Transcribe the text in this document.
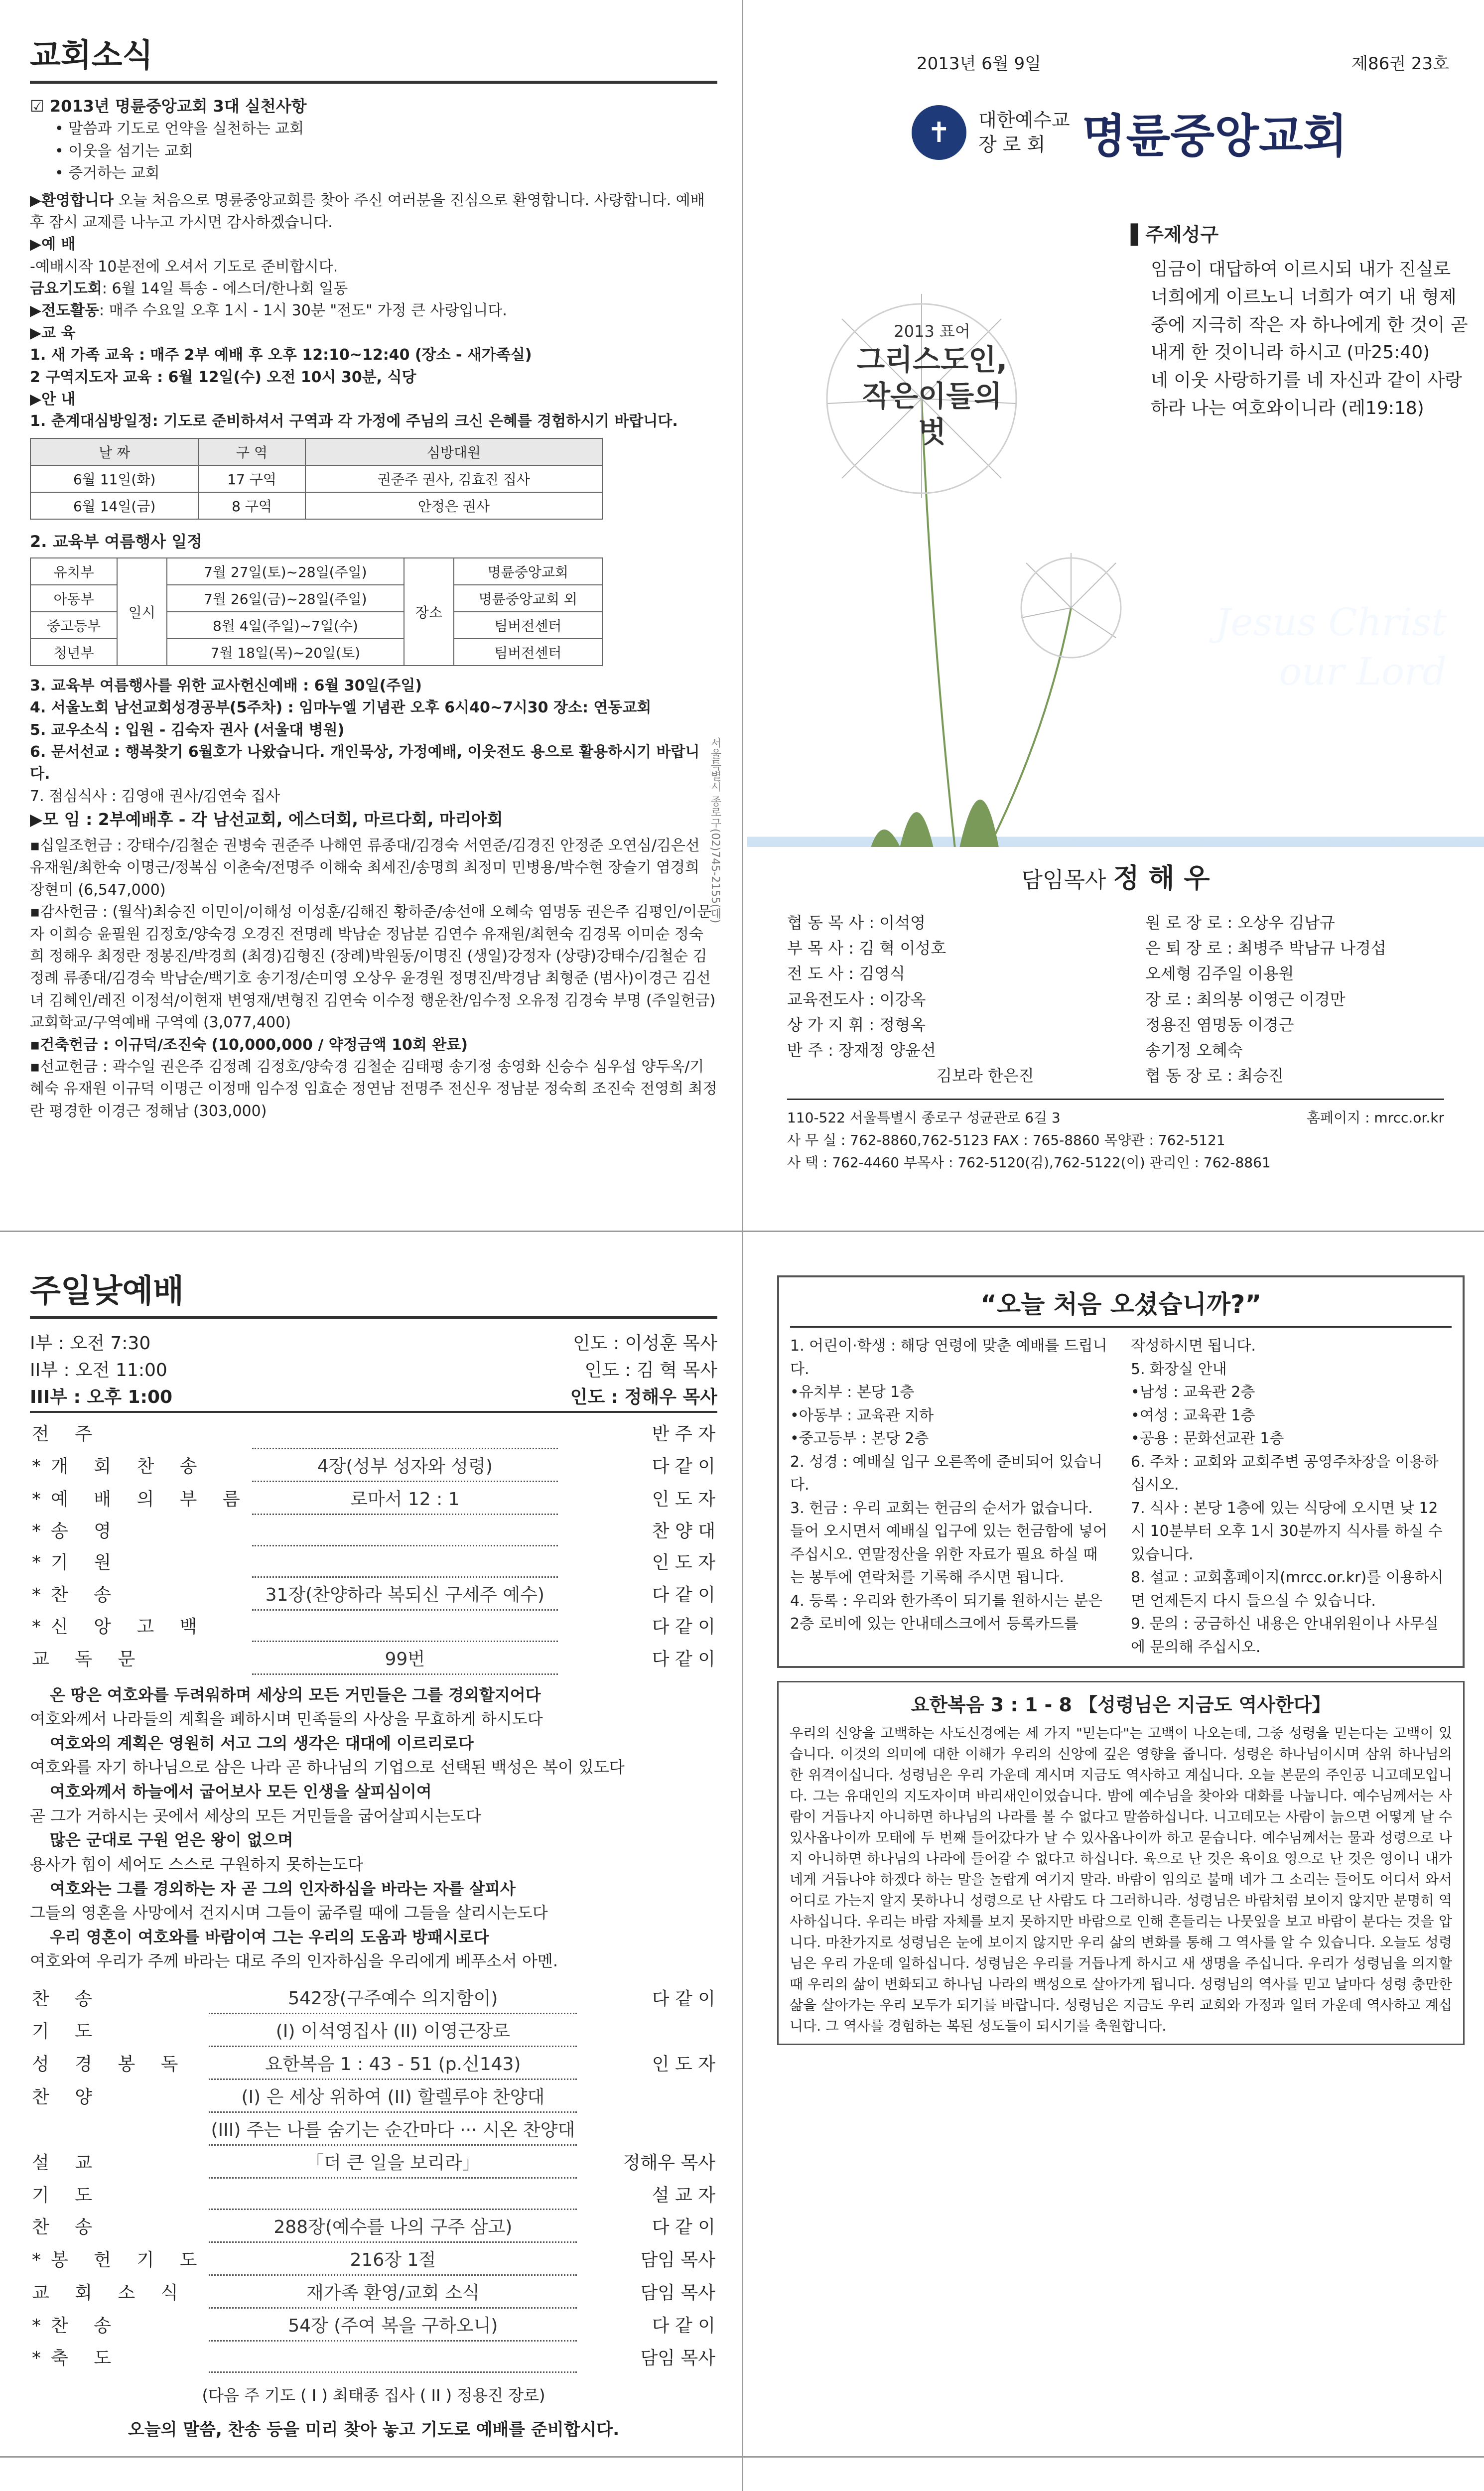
교회소식
☑ 2013년 명륜중앙교회 3대 실천사항
• 말씀과 기도로 언약을 실천하는 교회
• 이웃을 섬기는 교회
• 증거하는 교회
▶환영합니다 오늘 처음으로 명륜중앙교회를 찾아 주신 여러분을 진심으로 환영합니다. 사랑합니다. 예배 후 잠시 교제를 나누고 가시면 감사하겠습니다.
▶예 배
-예배시작 10분전에 오셔서 기도로 준비합시다.
금요기도회: 6월 14일 특송 - 에스더/한나회 일동
▶전도활동: 매주 수요일 오후 1시 - 1시 30분 "전도" 가정 큰 사랑입니다.
▶교 육
1. 새 가족 교육 : 매주 2부 예배 후 오후 12:10~12:40 (장소 - 새가족실)
2 구역지도자 교육 : 6월 12일(수) 오전 10시 30분, 식당
▶안 내
1. 춘계대심방일정: 기도로 준비하셔서 구역과 각 가정에 주님의 크신 은혜를 경험하시기 바랍니다.
날 짜	구 역	심방대원
6월 11일(화)	17 구역	권준주 권사, 김효진 집사
6월 14일(금)	8 구역	안정은 권사
2. 교육부 여름행사 일정
유치부	일시	7월 27일(토)~28일(주일)	장소	명륜중앙교회
아동부		7월 26일(금)~28일(주일)		명륜중앙교회 외
중고등부		8월 4일(주일)~7일(수)		팀버전센터
청년부		7월 18일(목)~20일(토)		팀버전센터
3. 교육부 여름행사를 위한 교사헌신예배 : 6월 30일(주일)
4. 서울노회 남선교회성경공부(5주차) : 임마누엘 기념관 오후 6시40~7시30 장소: 연동교회
5. 교우소식 : 입원 - 김숙자 권사 (서울대 병원)
6. 문서선교 : 행복찾기 6월호가 나왔습니다. 개인묵상, 가정예배, 이웃전도 용으로 활용하시기 바랍니다.
7. 점심식사 : 김영애 권사/김연숙 집사
▶모 임 : 2부예배후 - 각 남선교회, 에스더회, 마르다회, 마리아회
▪십일조헌금 : 강태수/김철순 권병숙 권준주 나해연 류종대/김경숙 서연준/김경진 안정준 오연심/김은선 유재원/최한숙 이명근/정복심 이춘숙/전명주 이해숙 최세진/송명희 최정미 민병용/박수현 장슬기 염경희 장현미 (6,547,000)
▪감사헌금 : (월삭)최승진 이민이/이해성 이성훈/김해진 황하준/송선애 오혜숙 염명동 권은주 김평인/이문자 이희승 윤필원 김정호/양숙경 오경진 전명례 박남순 정남분 김연수 유재원/최현숙 김경목 이미순 정숙희 정해우 최정란 정봉진/박경희 (최경)김형진 (장례)박원동/이명진 (생일)강정자 (상량)강태수/김철순 김정례 류종대/김경숙 박남순/백기호 송기정/손미영 오상우 윤경원 정명진/박경남 최형준 (범사)이경근 김선녀 김혜인/레진 이정석/이현재 변영재/변형진 김연숙 이수정 행운찬/임수정 오유정 김경숙 부명 (주일헌금)교회학교/구역예배 구역예 (3,077,400)
▪건축헌금 : 이규덕/조진숙 (10,000,000 / 약정금액 10회 완료)
▪선교헌금 : 곽수일 권은주 김정례 김정호/양숙경 김철순 김태평 송기정 송영화 신승수 심우섭 양두옥/기혜숙 유재원 이규덕 이명근 이정매 임수정 임효순 정연남 전명주 전신우 정남분 정숙희 조진숙 전영희 최정란 평경한 이경근 정해남 (303,000)
서울특별시 종로구(02)745-2155(대)
2013년 6월 9일	제86권 23호
✝	대한예수교
장 로 회 명륜중앙교회
2013 표어
그리스도인,
작은이들의
벗
▌주제성구
임금이 대답하여 이르시되 내가 진실로 너희에게 이르노니 너희가 여기 내 형제 중에 지극히 작은 자 하나에게 한 것이 곧 내게 한 것이니라 하시고 (마25:40)
네 이웃 사랑하기를 네 자신과 같이 사랑하라 나는 여호와이니라 (레19:18)
Jesus Christ
our Lord
담임목사 정 해 우
협 동 목 사 : 이석영	원 로 장 로 : 오상우 김남규
부 목 사 : 김 혁 이성호	은 퇴 장 로 : 최병주 박남규 나경섭
전 도 사 : 김영식	오세형 김주일 이용원
교육전도사 : 이강옥	장 로 : 최의봉 이영근 이경만
상 가 지 휘 : 정형옥	정용진 염명동 이경근
반 주 : 장재정 양윤선	송기정 오혜숙
김보라 한은진	협 동 장 로 : 최승진
110-522 서울특별시 종로구 성균관로 6길 3	홈페이지 : mrcc.or.kr
사 무 실 : 762-8860,762-5123 FAX : 765-8860 목양관 : 762-5121
사 택 : 762-4460 부목사 : 762-5120(김),762-5122(이) 관리인 : 762-8861
주일낮예배
I부 : 오전 7:30	인도 : 이성훈 목사
II부 : 오전 11:00	인도 : 김 혁 목사
III부 : 오후 1:00	인도 : 정해우 목사
전 주		반 주 자
*개 회 찬 송	4장(성부 성자와 성령)	다 같 이
*예 배 의 부 름	로마서 12 : 1	인 도 자
*송 영		찬 양 대
*기 원		인 도 자
*찬 송	31장(찬양하라 복되신 구세주 예수)	다 같 이
*신 앙 고 백		다 같 이
교 독 문	99번	다 같 이
온 땅은 여호와를 두려워하며 세상의 모든 거민들은 그를 경외할지어다
여호와께서 나라들의 계획을 폐하시며 민족들의 사상을 무효하게 하시도다
여호와의 계획은 영원히 서고 그의 생각은 대대에 이르리로다
여호와를 자기 하나님으로 삼은 나라 곧 하나님의 기업으로 선택된 백성은 복이 있도다
여호와께서 하늘에서 굽어보사 모든 인생을 살피심이여
곧 그가 거하시는 곳에서 세상의 모든 거민들을 굽어살피시는도다
많은 군대로 구원 얻은 왕이 없으며
용사가 힘이 세어도 스스로 구원하지 못하는도다
여호와는 그를 경외하는 자 곧 그의 인자하심을 바라는 자를 살피사
그들의 영혼을 사망에서 건지시며 그들이 굶주릴 때에 그들을 살리시는도다
우리 영혼이 여호와를 바람이여 그는 우리의 도움과 방패시로다
여호와여 우리가 주께 바라는 대로 주의 인자하심을 우리에게 베푸소서 아멘.
찬 송	542장(구주예수 의지함이)	다 같 이
기 도	(I) 이석영집사 (II) 이영근장로	
성 경 봉 독	요한복음 1 : 43 - 51 (p.신143)	인 도 자
찬 양	(I) 은 세상 위하여 (II) 할렐루야 찬양대	
	(III) 주는 나를 숨기는 순간마다 ··· 시온 찬양대	
설 교	「더 큰 일을 보리라」	정해우 목사
기 도		설 교 자
찬 송	288장(예수를 나의 구주 삼고)	다 같 이
*봉 헌 기 도	216장 1절	담임 목사
교 회 소 식	재가족 환영/교회 소식	담임 목사
*찬 송	54장 (주여 복을 구하오니)	다 같 이
*축 도		담임 목사
(다음 주 기도 ( I ) 최태종 집사 ( II ) 정용진 장로)
오늘의 말씀, 찬송 등을 미리 찾아 놓고 기도로 예배를 준비합시다.
“오늘 처음 오셨습니까?”
1. 어린이·학생 : 해당 연령에 맞춘 예배를 드립니다.
•유치부 : 본당 1층
•아동부 : 교육관 지하
•중고등부 : 본당 2층
2. 성경 : 예배실 입구 오른쪽에 준비되어 있습니다.
3. 헌금 : 우리 교회는 헌금의 순서가 없습니다. 들어 오시면서 예배실 입구에 있는 헌금함에 넣어 주십시오. 연말정산을 위한 자료가 필요 하실 때는 봉투에 연락처를 기록해 주시면 됩니다.
4. 등록 : 우리와 한가족이 되기를 원하시는 분은 2층 로비에 있는 안내데스크에서 등록카드를
작성하시면 됩니다.
5. 화장실 안내
•남성 : 교육관 2층
•여성 : 교육관 1층
•공용 : 문화선교관 1층
6. 주차 : 교회와 교회주변 공영주차장을 이용하십시오.
7. 식사 : 본당 1층에 있는 식당에 오시면 낮 12시 10분부터 오후 1시 30분까지 식사를 하실 수 있습니다.
8. 설교 : 교회홈페이지(mrcc.or.kr)를 이용하시면 언제든지 다시 들으실 수 있습니다.
9. 문의 : 궁금하신 내용은 안내위원이나 사무실에 문의해 주십시오.
요한복음 3 : 1 - 8 【성령님은 지금도 역사한다】
우리의 신앙을 고백하는 사도신경에는 세 가지 "믿는다"는 고백이 나오는데, 그중 성령을 믿는다는 고백이 있습니다. 이것의 의미에 대한 이해가 우리의 신앙에 깊은 영향을 줍니다. 성령은 하나님이시며 삼위 하나님의 한 위격이십니다. 성령님은 우리 가운데 계시며 지금도 역사하고 계십니다. 오늘 본문의 주인공 니고데모입니다. 그는 유대인의 지도자이며 바리새인이었습니다. 밤에 예수님을 찾아와 대화를 나눕니다. 예수님께서는 사람이 거듭나지 아니하면 하나님의 나라를 볼 수 없다고 말씀하십니다. 니고데모는 사람이 늙으면 어떻게 날 수 있사옵나이까 모태에 두 번째 들어갔다가 날 수 있사옵나이까 하고 묻습니다. 예수님께서는 물과 성령으로 나지 아니하면 하나님의 나라에 들어갈 수 없다고 하십니다. 육으로 난 것은 육이요 영으로 난 것은 영이니 내가 네게 거듭나야 하겠다 하는 말을 놀랍게 여기지 말라. 바람이 임의로 불매 네가 그 소리는 들어도 어디서 와서 어디로 가는지 알지 못하나니 성령으로 난 사람도 다 그러하니라. 성령님은 바람처럼 보이지 않지만 분명히 역사하십니다. 우리는 바람 자체를 보지 못하지만 바람으로 인해 흔들리는 나뭇잎을 보고 바람이 분다는 것을 압니다. 마찬가지로 성령님은 눈에 보이지 않지만 우리 삶의 변화를 통해 그 역사를 알 수 있습니다. 오늘도 성령님은 우리 가운데 일하십니다. 성령님은 우리를 거듭나게 하시고 새 생명을 주십니다. 우리가 성령님을 의지할 때 우리의 삶이 변화되고 하나님 나라의 백성으로 살아가게 됩니다. 성령님의 역사를 믿고 날마다 성령 충만한 삶을 살아가는 우리 모두가 되기를 바랍니다. 성령님은 지금도 우리 교회와 가정과 일터 가운데 역사하고 계십니다. 그 역사를 경험하는 복된 성도들이 되시기를 축원합니다.
